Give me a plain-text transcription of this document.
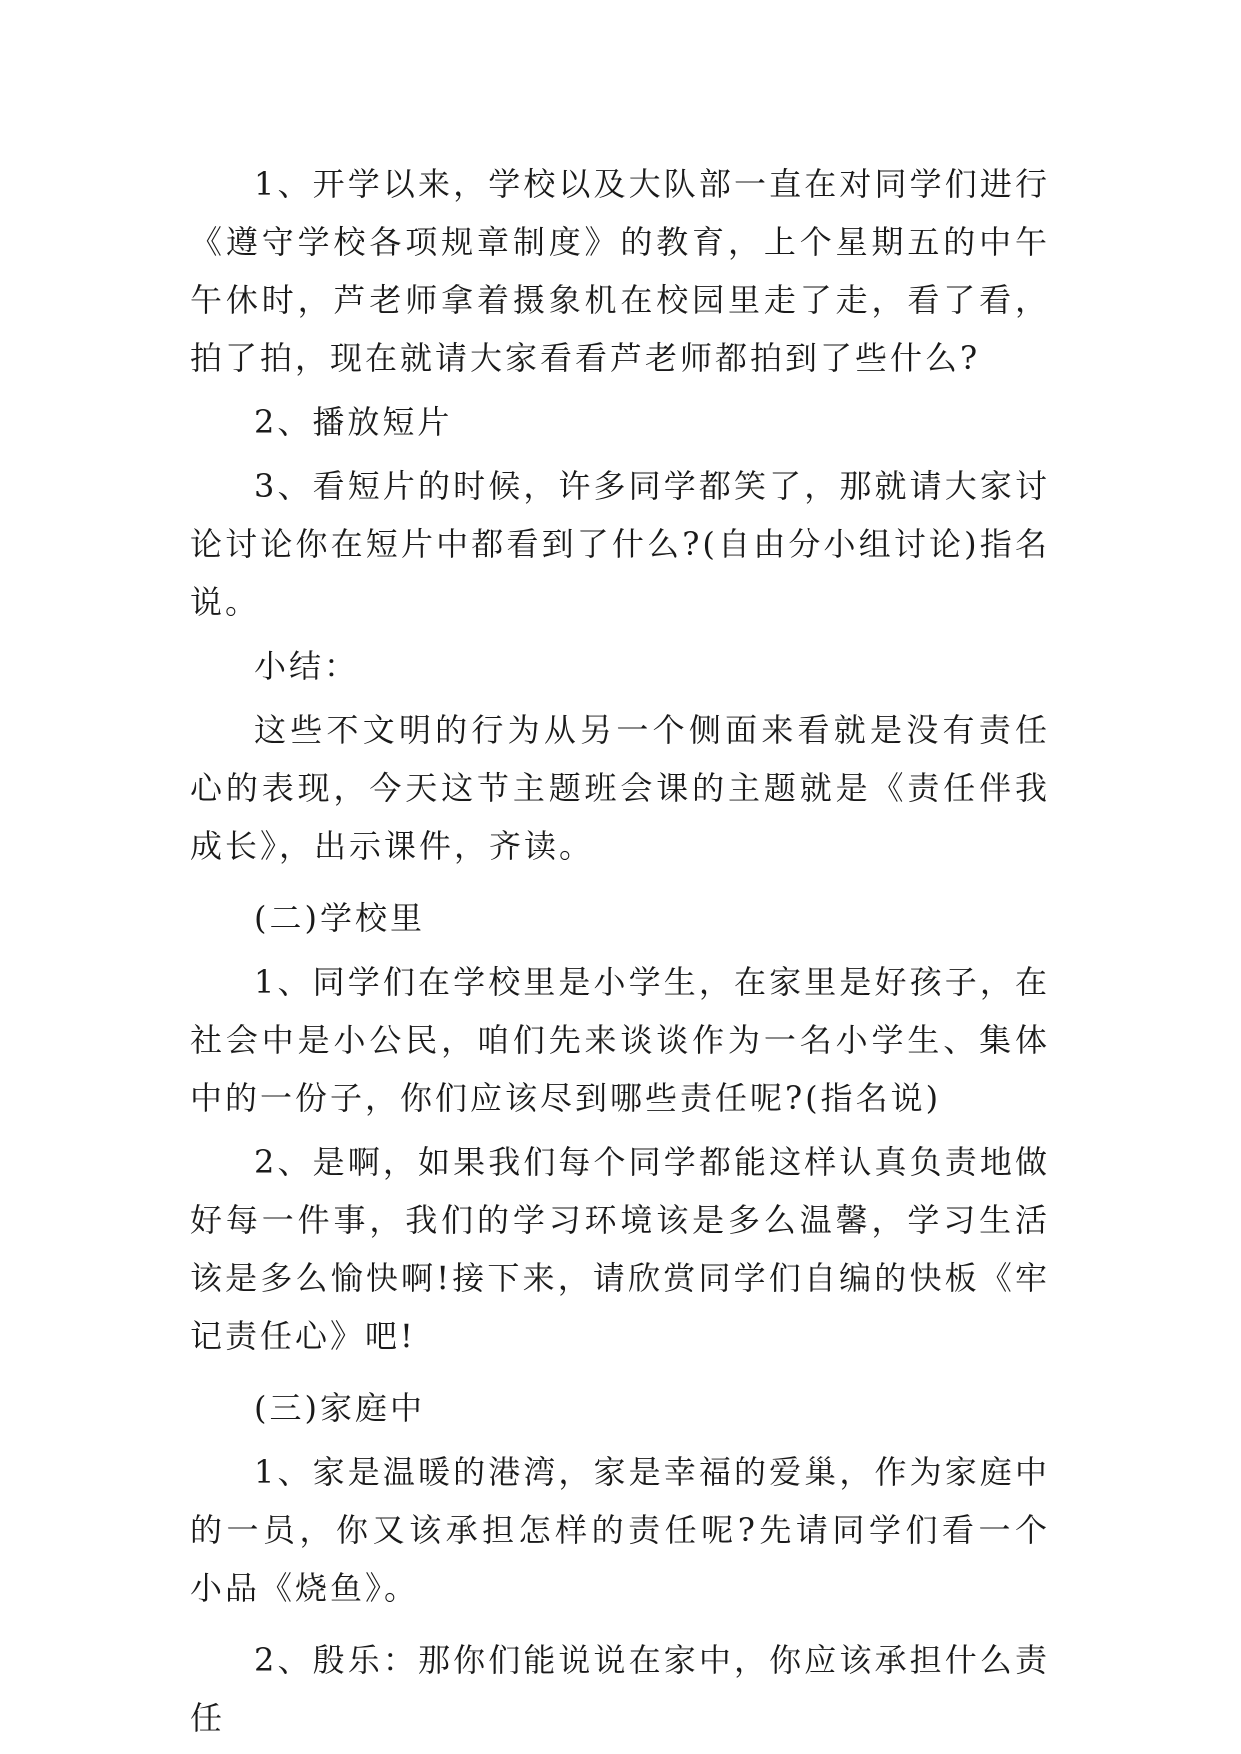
1、开学以来，学校以及大队部一直在对同学们进行《遵守学校各项规章制度》的教育，上个星期五的中午午休时，芦老师拿着摄象机在校园里走了走，看了看，拍了拍，现在就请大家看看芦老师都拍到了些什么?

2、播放短片

3、看短片的时候，许多同学都笑了，那就请大家讨论讨论你在短片中都看到了什么?(自由分小组讨论)指名说。

小结：

这些不文明的行为从另一个侧面来看就是没有责任心的表现，今天这节主题班会课的主题就是《责任伴我成长》，出示课件，齐读。

(二)学校里

1、同学们在学校里是小学生，在家里是好孩子，在社会中是小公民，咱们先来谈谈作为一名小学生、集体中的一份子，你们应该尽到哪些责任呢?(指名说)

2、是啊，如果我们每个同学都能这样认真负责地做好每一件事，我们的学习环境该是多么温馨，学习生活该是多么愉快啊!接下来，请欣赏同学们自编的快板《牢记责任心》吧!

(三)家庭中

1、家是温暖的港湾，家是幸福的爱巢，作为家庭中的一员，你又该承担怎样的责任呢?先请同学们看一个小品《烧鱼》。

2、殷乐：那你们能说说在家中，你应该承担什么责任
